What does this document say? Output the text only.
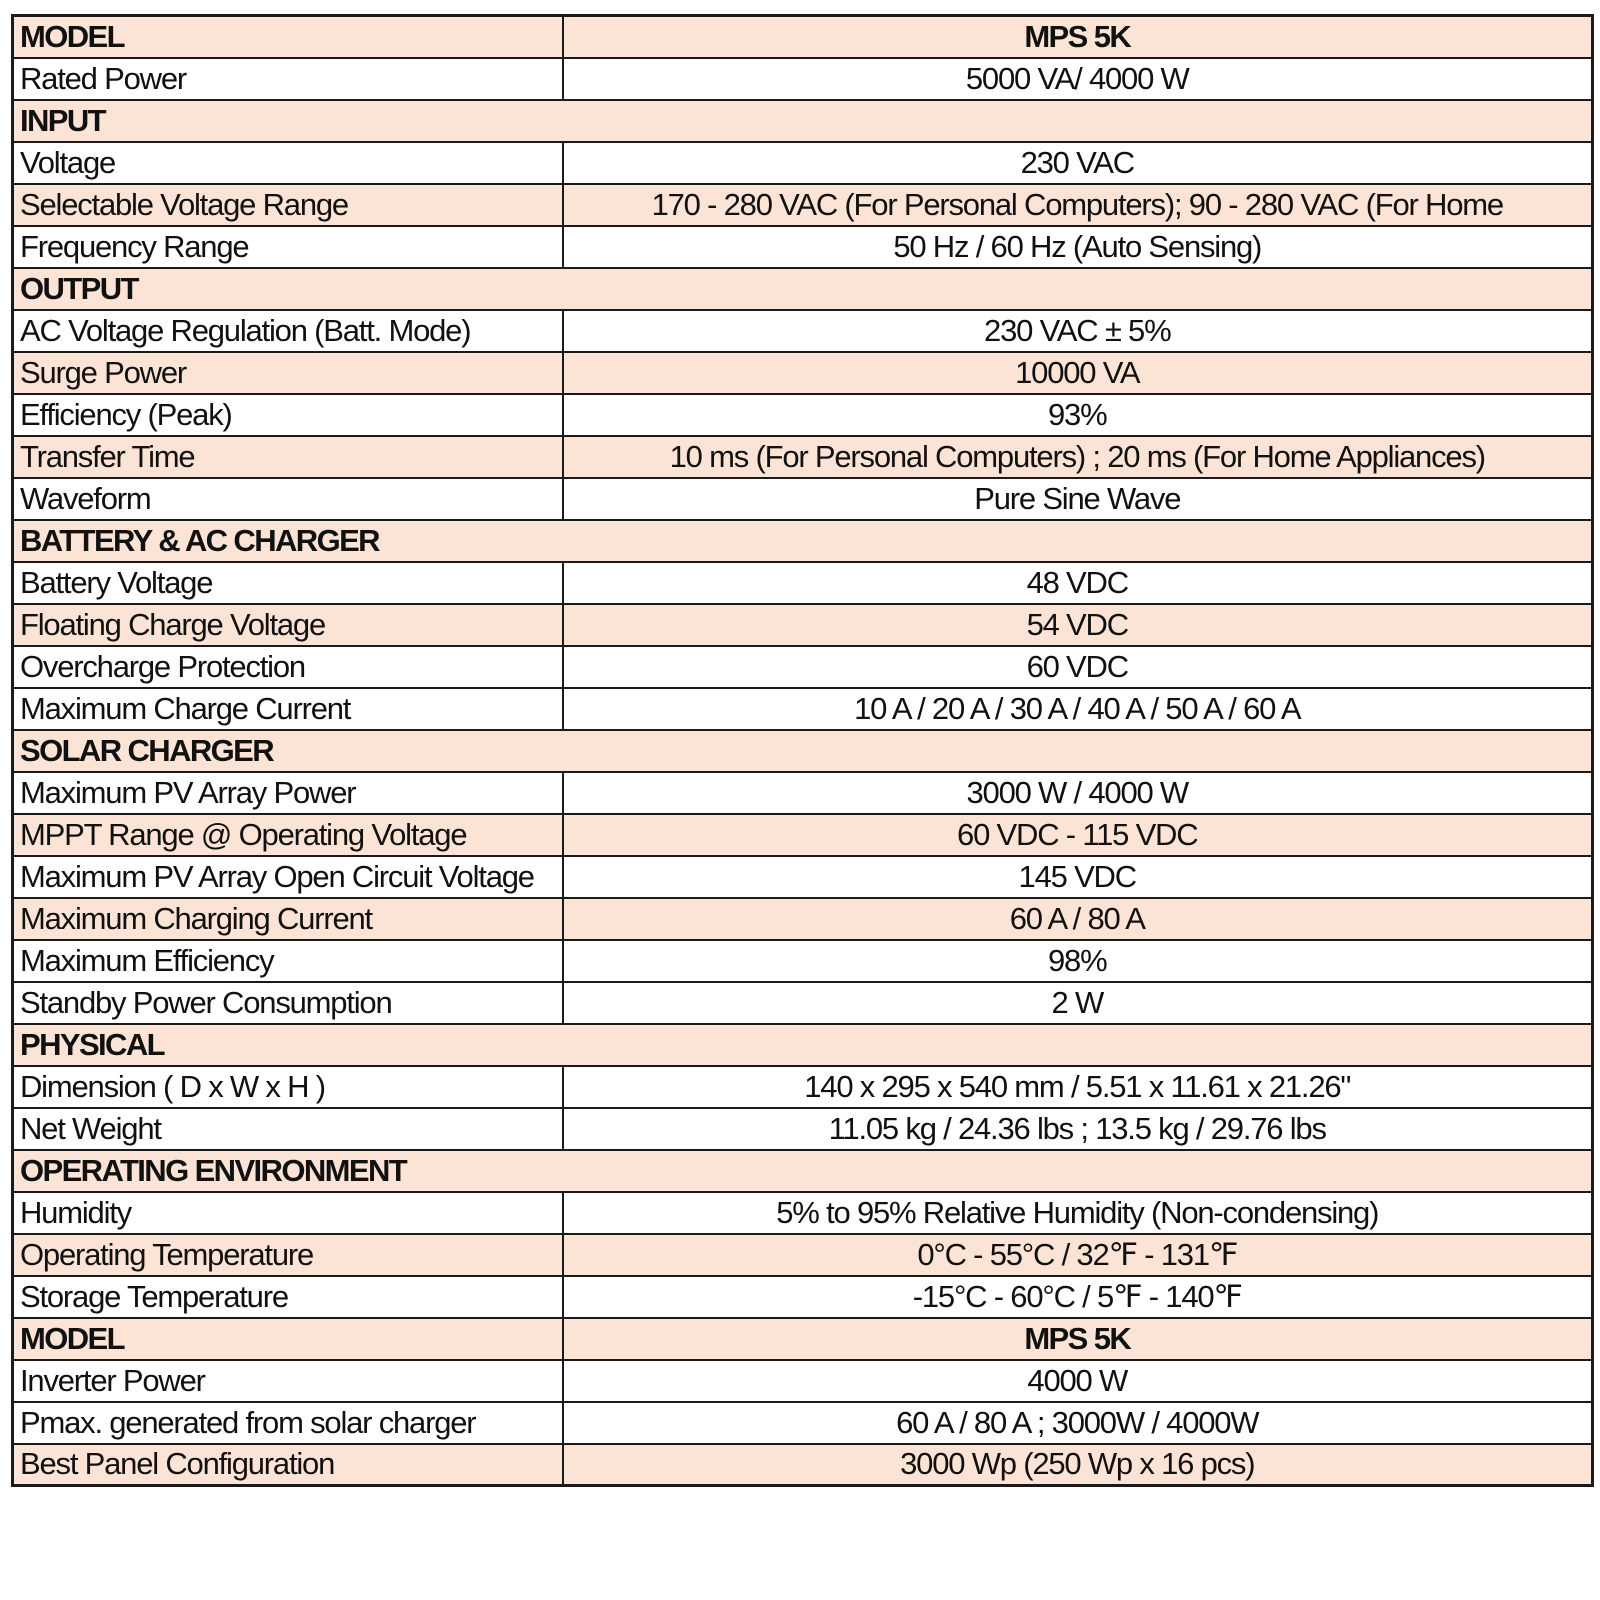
MODEL	MPS 5K
Rated Power	5000 VA/ 4000 W
INPUT	
Voltage	230 VAC
Selectable Voltage Range	170 - 280 VAC (For Personal Computers); 90 - 280 VAC (For Home
Frequency Range	50 Hz / 60 Hz (Auto Sensing)
OUTPUT	
AC Voltage Regulation (Batt. Mode)	230 VAC ± 5%
Surge Power	10000 VA
Efficiency (Peak)	93%
Transfer Time	10 ms (For Personal Computers) ; 20 ms (For Home Appliances)
Waveform	Pure Sine Wave
BATTERY & AC CHARGER	
Battery Voltage	48 VDC
Floating Charge Voltage	54 VDC
Overcharge Protection	60 VDC
Maximum Charge Current	10 A / 20 A / 30 A / 40 A / 50 A / 60 A
SOLAR CHARGER	
Maximum PV Array Power	3000 W / 4000 W
MPPT Range @ Operating Voltage	60 VDC - 115 VDC
Maximum PV Array Open Circuit Voltage	145 VDC
Maximum Charging Current	60 A / 80 A
Maximum Efficiency	98%
Standby Power Consumption	2 W
PHYSICAL	
Dimension ( D x W x H )	140 x 295 x 540 mm / 5.51 x 11.61 x 21.26"
Net Weight	11.05 kg / 24.36 lbs ; 13.5 kg / 29.76 lbs
OPERATING ENVIRONMENT	
Humidity	5% to 95% Relative Humidity (Non-condensing)
Operating Temperature	0°C - 55°C / 32℉ - 131℉
Storage Temperature	-15°C - 60°C / 5℉ - 140℉
MODEL	MPS 5K
Inverter Power	4000 W
Pmax. generated from solar charger	60 A / 80 A ; 3000W / 4000W
Best Panel Configuration	3000 Wp (250 Wp x 16 pcs)
